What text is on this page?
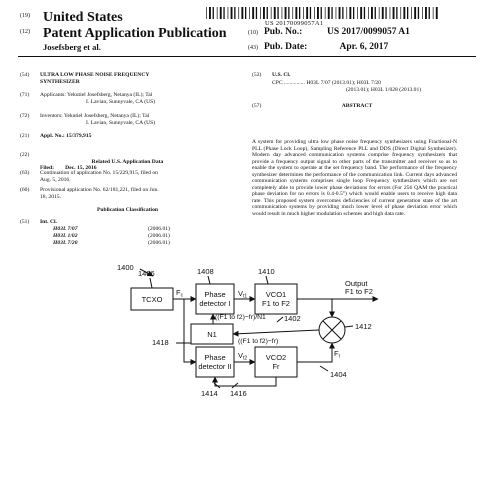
US 20170099057A1
(19) United States
(12) Patent Application Publication
Josefsberg et al.
(10) Pub. No.:	US 2017/0099057 A1
(43) Pub. Date:	Apr. 6, 2017
(54) ULTRA LOW PHASE NOISE FREQUENCY
SYNTHESIZER
(71) Applicants: Yekutiel Josefsberg, Netanya (IL); Tal
I. Lavian, Sunnyvale, CA (US)
(72) Inventors: Yekutiel Josefsberg, Netanya (IL); Tal
I. Lavian, Sunnyvale, CA (US)
(21) Appl. No.: 15/379,915

(22)

Filed:        Dec. 15, 2016

Related U.S. Application Data
(63) Continuation of application No. 15/229,915, filed on
Aug. 5, 2016.
(60) Provisional application No. 62/181,221, filed on Jun.
18, 2015.
Publication Classification
(51) Int. Cl.
H03L 7/07	(2006.01)
H03L 1/02	(2006.01)
H03L 7/20	(2006.01)
(52) U.S. Cl.
CPC ............... H03L 7/07 (2013.01); H03L 7/20
(2013.01); H03L 1/028 (2013.01)
(57)	ABSTRACT
A system for providing ultra low phase noise frequency synthesizers using Fractional-N PLL (Phase Lock Loop), Sampling Reference PLL and DDS (Direct Digital Synthesizer). Modern day advanced communication systems comprise frequency synthesizers that provide a frequency output signal to other parts of the transmitter and receiver so as to enable the system to operate at the set frequency band. The performance of the frequency synthesizer determines the performance of the communication link. Current days advanced communication systems comprises single loop Frequency synthesizers which are not completely able to provide lower phase deviations for errors (For 256 QAM the practical phase deviation for no errors is 0.4-0.5°) which would enable users to receive high data rate. This proposed system overcomes deficiencies of current generation state of the art communication systems by providing much lower level of phase deviation error which would result in much higher modulation schemes and high data rate.
1400
1406
TCXO
$F_c$
1408
Phase
detector I
$V_{t1}$
1410
VCO1
F1 to F2
Output
F1 to F2
((F1 to f2)−fr)/N1 1402
N1
1412
((F1 to f2)−fr)
1418
Phase
detector II
$V_{t2}$ VCO2
Fr
$F_r$
1404
1414 1416
